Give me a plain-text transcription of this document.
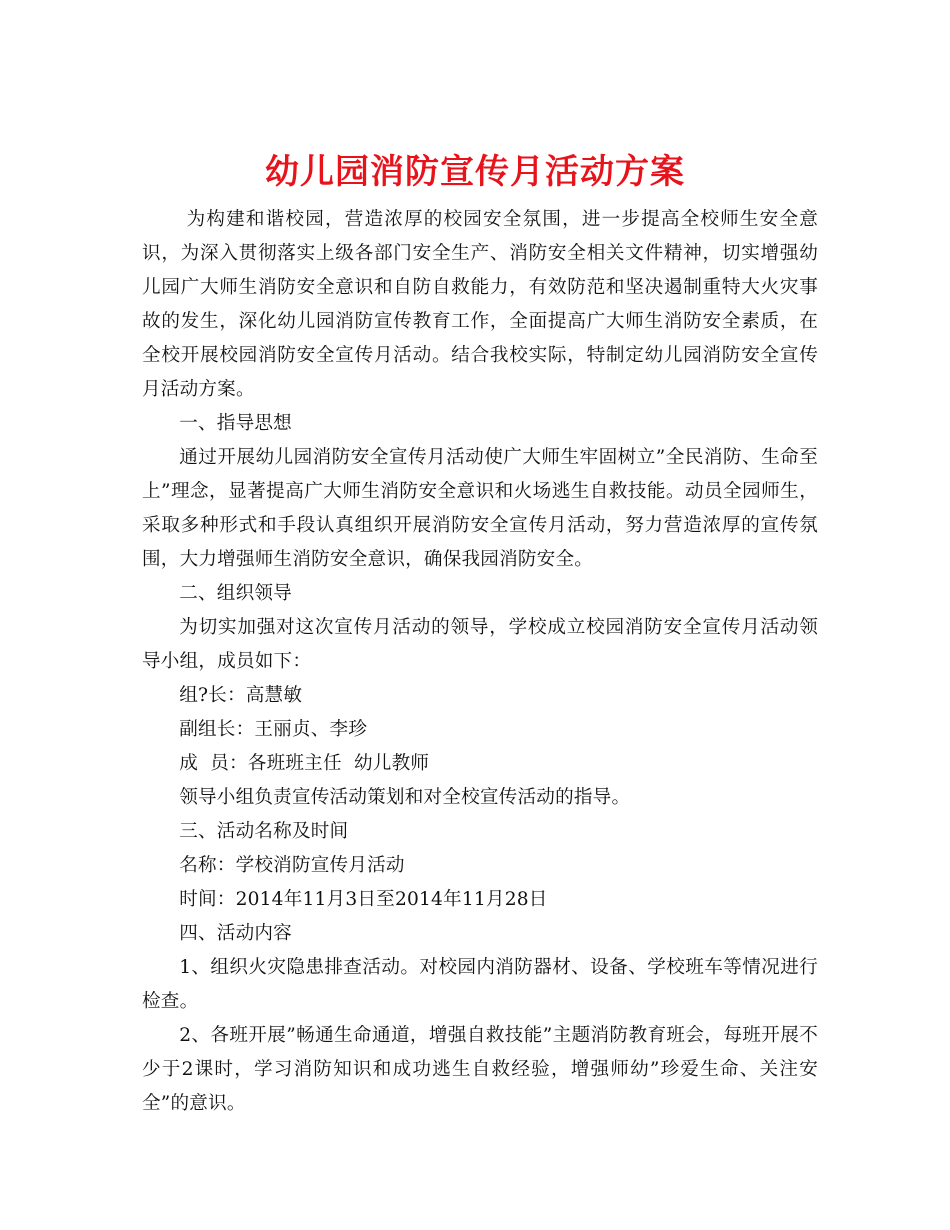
幼儿园消防宣传月活动方案

为构建和谐校园，营造浓厚的校园安全氛围，进一步提高全校师生安全意识，为深入贯彻落实上级各部门安全生产、消防安全相关文件精神，切实增强幼儿园广大师生消防安全意识和自防自救能力，有效防范和坚决遏制重特大火灾事故的发生，深化幼儿园消防宣传教育工作，全面提高广大师生消防安全素质，在全校开展校园消防安全宣传月活动。结合我校实际，特制定幼儿园消防安全宣传月活动方案。

一、指导思想

通过开展幼儿园消防安全宣传月活动使广大师生牢固树立”全民消防、生命至上”理念，显著提高广大师生消防安全意识和火场逃生自救技能。动员全园师生，采取多种形式和手段认真组织开展消防安全宣传月活动，努力营造浓厚的宣传氛围，大力增强师生消防安全意识，确保我园消防安全。

二、组织领导

为切实加强对这次宣传月活动的领导，学校成立校园消防安全宣传月活动领导小组，成员如下：

组?长：高慧敏

副组长：王丽贞、李珍

成  员：各班班主任  幼儿教师

领导小组负责宣传活动策划和对全校宣传活动的指导。

三、活动名称及时间

名称：学校消防宣传月活动

时间：2014年11月3日至2014年11月28日

四、活动内容

1、组织火灾隐患排查活动。对校园内消防器材、设备、学校班车等情况进行检查。

2、各班开展”畅通生命通道，增强自救技能”主题消防教育班会，每班开展不少于2课时，学习消防知识和成功逃生自救经验，增强师幼”珍爱生命、关注安全”的意识。
